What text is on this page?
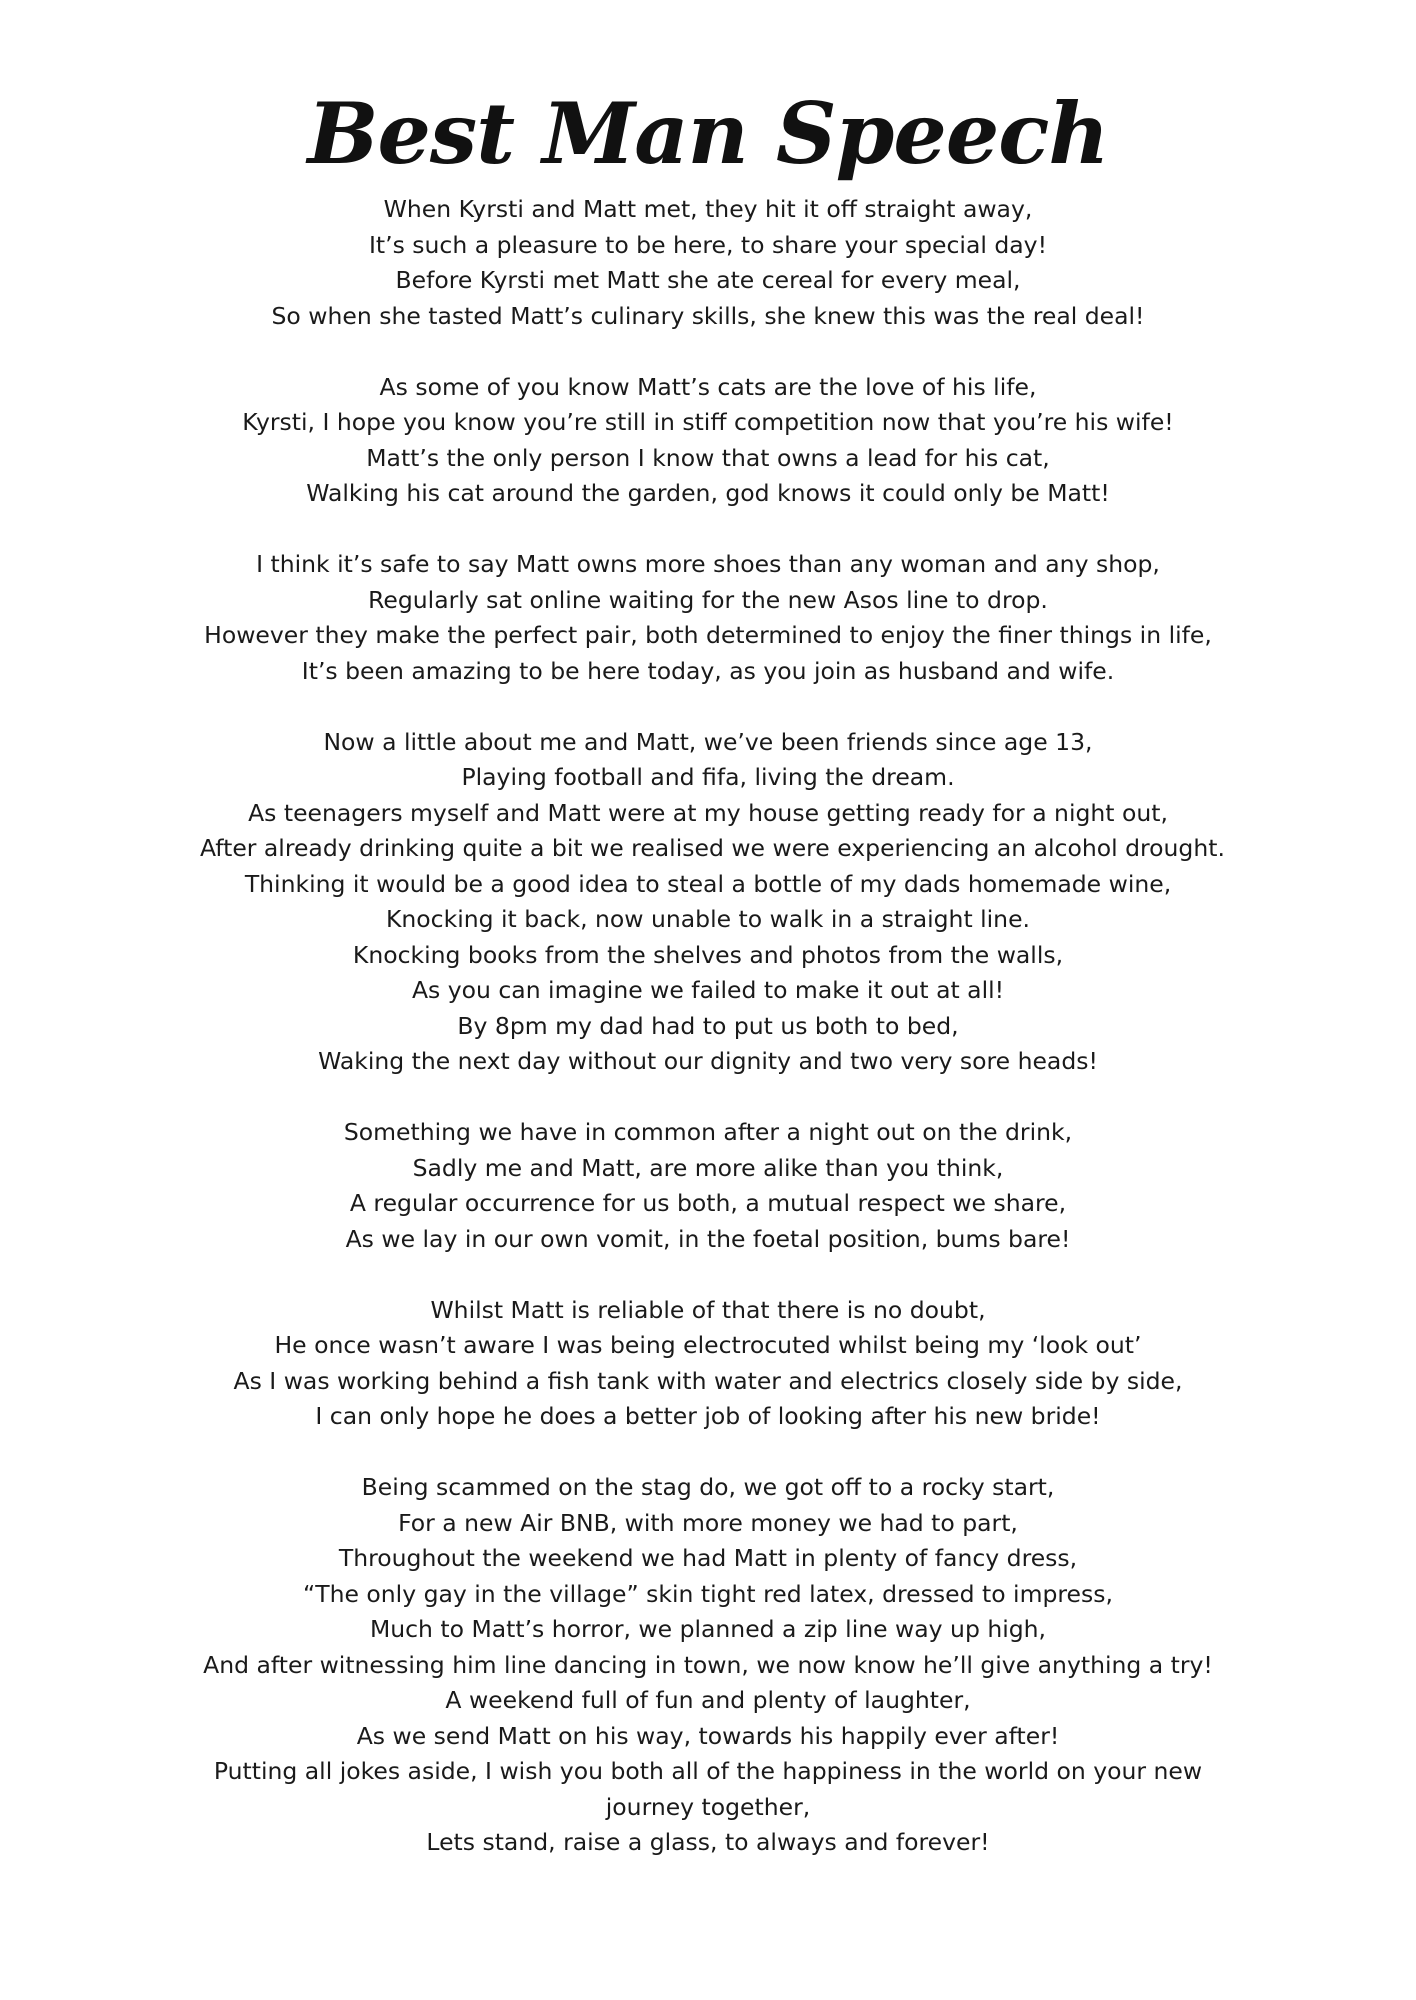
Best Man Speech
When Kyrsti and Matt met, they hit it off straight away,
It’s such a pleasure to be here, to share your special day!
Before Kyrsti met Matt she ate cereal for every meal,
So when she tasted Matt’s culinary skills, she knew this was the real deal!
As some of you know Matt’s cats are the love of his life,
Kyrsti, I hope you know you’re still in stiff competition now that you’re his wife!
Matt’s the only person I know that owns a lead for his cat,
Walking his cat around the garden, god knows it could only be Matt!
I think it’s safe to say Matt owns more shoes than any woman and any shop,
Regularly sat online waiting for the new Asos line to drop.
However they make the perfect pair, both determined to enjoy the finer things in life,
It’s been amazing to be here today, as you join as husband and wife.
Now a little about me and Matt, we’ve been friends since age 13,
Playing football and fifa, living the dream.
As teenagers myself and Matt were at my house getting ready for a night out,
After already drinking quite a bit we realised we were experiencing an alcohol drought.
Thinking it would be a good idea to steal a bottle of my dads homemade wine,
Knocking it back, now unable to walk in a straight line.
Knocking books from the shelves and photos from the walls,
As you can imagine we failed to make it out at all!
By 8pm my dad had to put us both to bed,
Waking the next day without our dignity and two very sore heads!
Something we have in common after a night out on the drink,
Sadly me and Matt, are more alike than you think,
A regular occurrence for us both, a mutual respect we share,
As we lay in our own vomit, in the foetal position, bums bare!
Whilst Matt is reliable of that there is no doubt,
He once wasn’t aware I was being electrocuted whilst being my ‘look out’
As I was working behind a fish tank with water and electrics closely side by side,
I can only hope he does a better job of looking after his new bride!
Being scammed on the stag do, we got off to a rocky start,
For a new Air BNB, with more money we had to part,
Throughout the weekend we had Matt in plenty of fancy dress,
“The only gay in the village” skin tight red latex, dressed to impress,
Much to Matt’s horror, we planned a zip line way up high,
And after witnessing him line dancing in town, we now know he’ll give anything a try!
A weekend full of fun and plenty of laughter,
As we send Matt on his way, towards his happily ever after!
Putting all jokes aside, I wish you both all of the happiness in the world on your new
journey together,
Lets stand, raise a glass, to always and forever!
